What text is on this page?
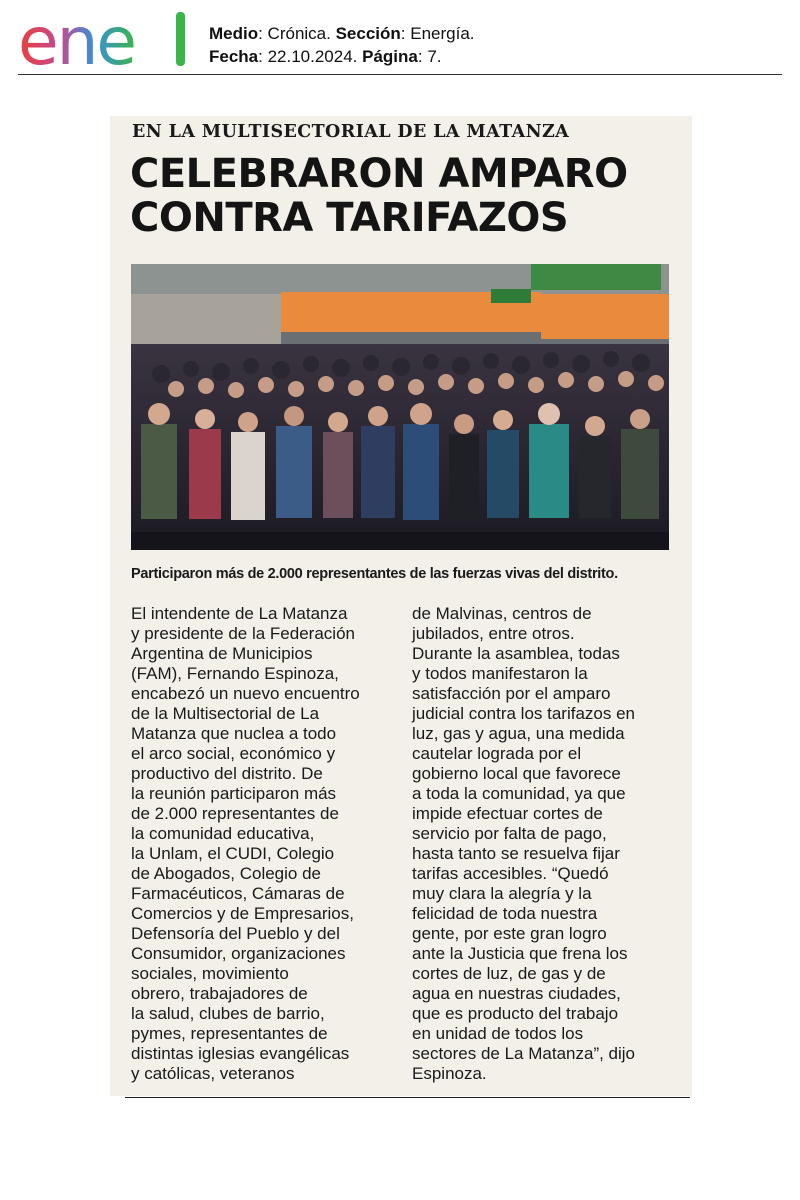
ene	Medio: Crónica. Sección: Energía.
Fecha: 22.10.2024. Página: 7.
EN LA MULTISECTORIAL DE LA MATANZA
CELEBRARON AMPARO
CONTRA TARIFAZOS
Participaron más de 2.000 representantes de las fuerzas vivas del distrito.
El intendente de La Matanza
y presidente de la Federación
Argentina de Municipios
(FAM), Fernando Espinoza,
encabezó un nuevo encuentro
de la Multisectorial de La
Matanza que nuclea a todo
el arco social, económico y
productivo del distrito. De
la reunión participaron más
de 2.000 representantes de
la comunidad educativa,
la Unlam, el CUDI, Colegio
de Abogados, Colegio de
Farmacéuticos, Cámaras de
Comercios y de Empresarios,
Defensoría del Pueblo y del
Consumidor, organizaciones
sociales, movimiento
obrero, trabajadores de
la salud, clubes de barrio,
pymes, representantes de
distintas iglesias evangélicas
y católicas, veteranos
de Malvinas, centros de
jubilados, entre otros.
Durante la asamblea, todas
y todos manifestaron la
satisfacción por el amparo
judicial contra los tarifazos en
luz, gas y agua, una medida
cautelar lograda por el
gobierno local que favorece
a toda la comunidad, ya que
impide efectuar cortes de
servicio por falta de pago,
hasta tanto se resuelva fijar
tarifas accesibles. “Quedó
muy clara la alegría y la
felicidad de toda nuestra
gente, por este gran logro
ante la Justicia que frena los
cortes de luz, de gas y de
agua en nuestras ciudades,
que es producto del trabajo
en unidad de todos los
sectores de La Matanza”, dijo
Espinoza.
